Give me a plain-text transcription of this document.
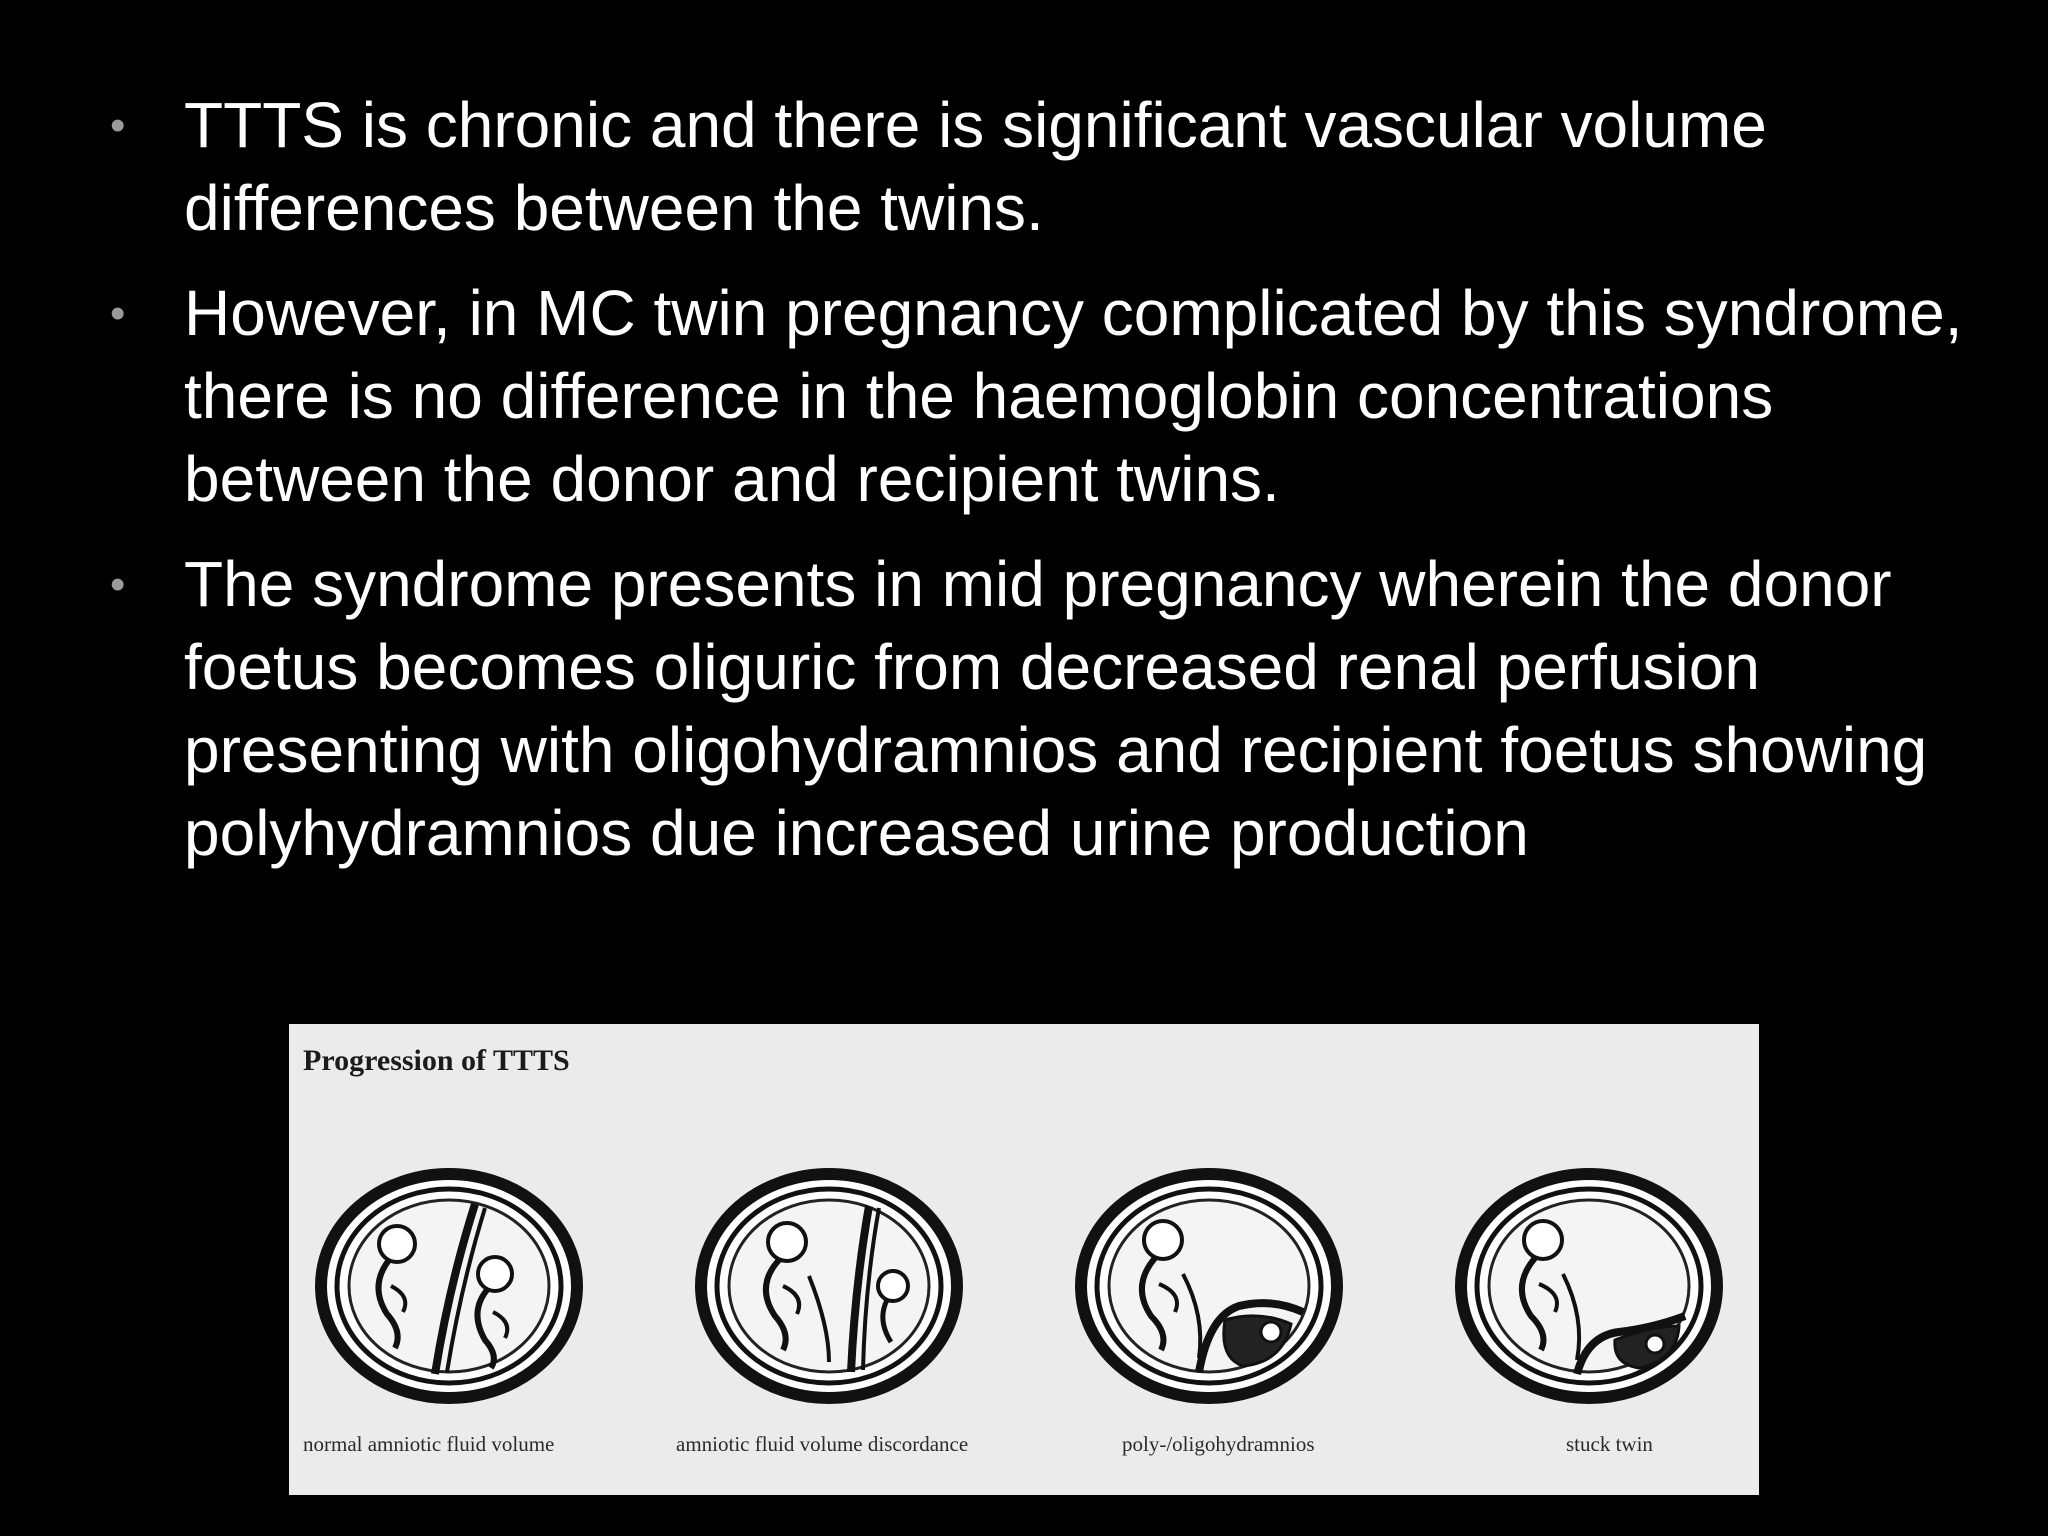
• TTTS is chronic and there is significant vascular volume differences between the twins.
• However, in MC twin pregnancy complicated by this syndrome, there is no difference in the haemoglobin concentrations between the donor and recipient twins.
• The syndrome presents in mid pregnancy wherein the donor foetus becomes oliguric from decreased renal perfusion presenting with oligohydramnios and recipient foetus showing polyhydramnios due increased urine production
Progression of TTTS
normal amniotic fluid volume	amniotic fluid volume discordance	poly-/oligohydramnios	stuck twin
